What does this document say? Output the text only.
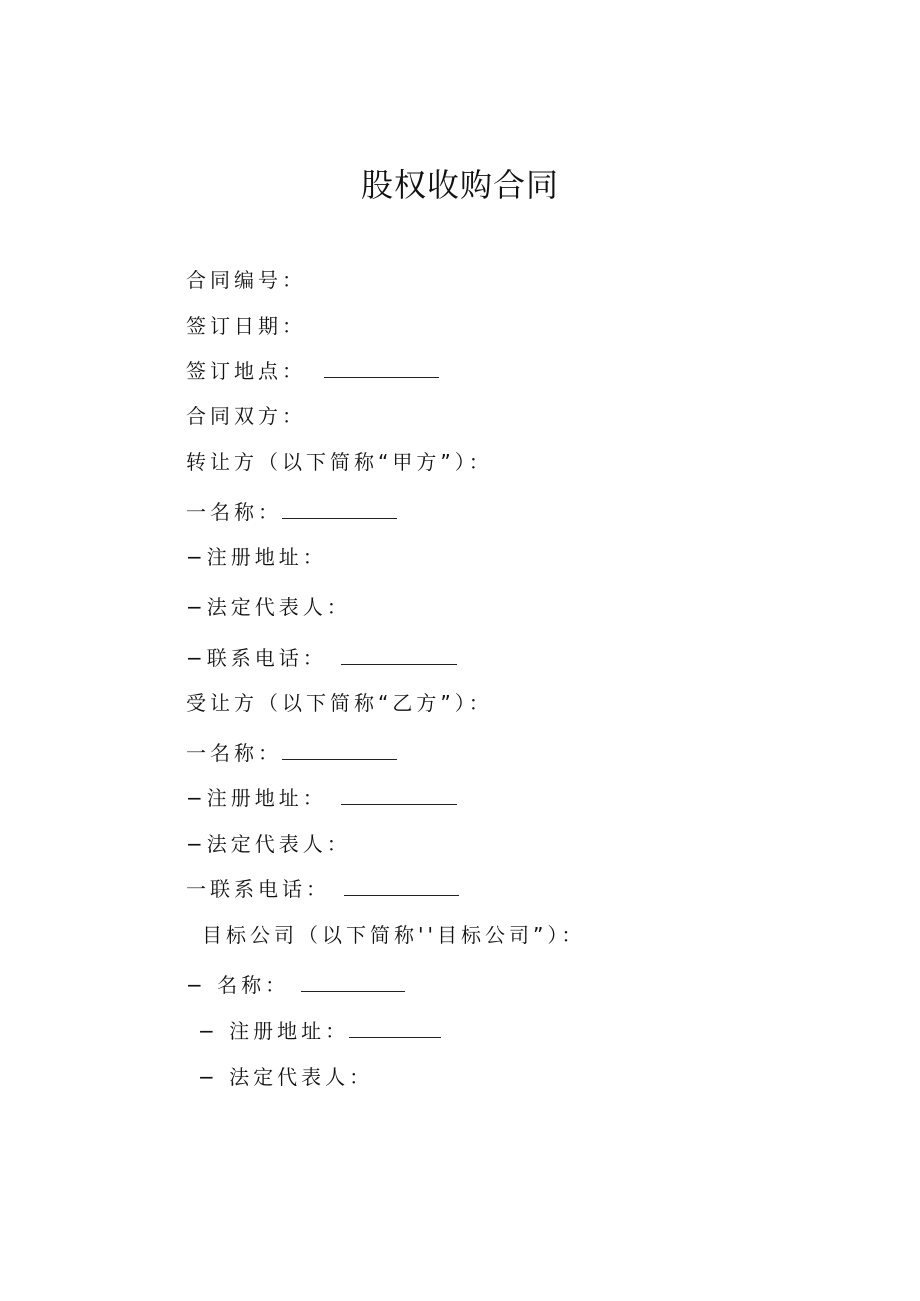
股权收购合同
合同编号：
签订日期：
签订地点：
合同双方：
转让方（以下简称“甲方”）：
一名称：
−注册地址：
−法定代表人：
−联系电话：
受让方（以下简称“乙方”）：
一名称：
−注册地址：
−法定代表人：
一联系电话：
目标公司（以下简称''目标公司”）：
− 名称：
− 注册地址：
− 法定代表人：
